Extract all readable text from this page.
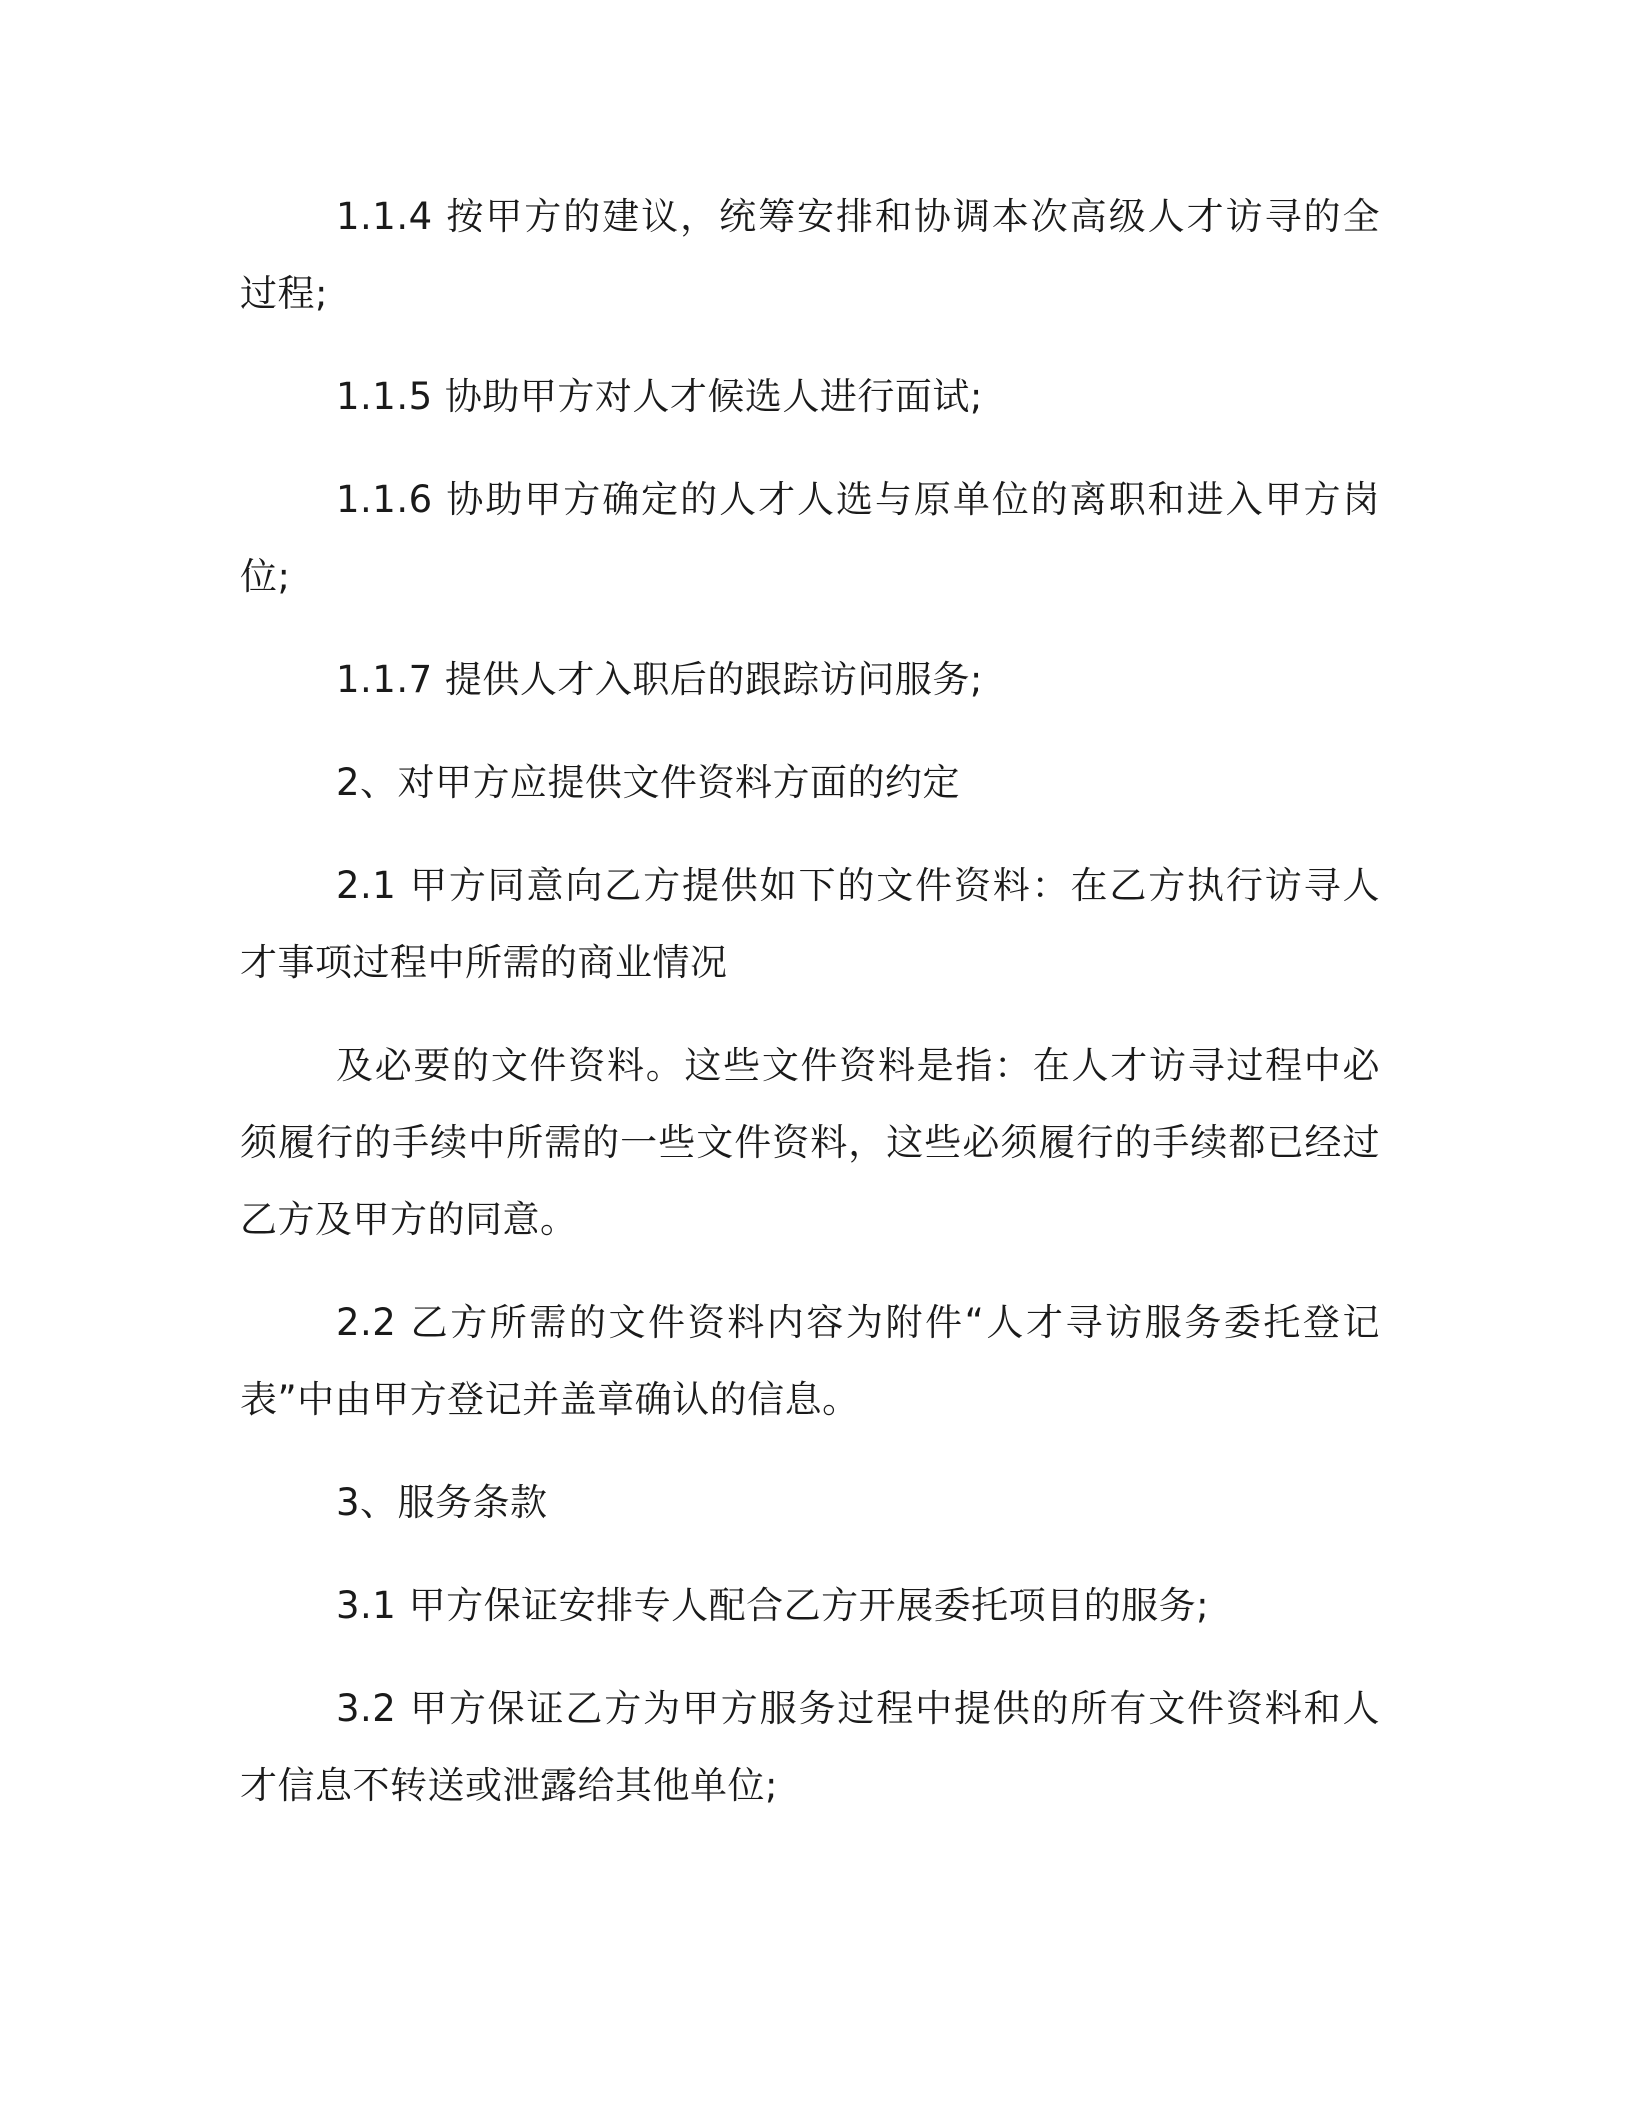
1.1.4 按甲方的建议，统筹安排和协调本次高级人才访寻的全过程;

1.1.5 协助甲方对人才候选人进行面试;

1.1.6 协助甲方确定的人才人选与原单位的离职和进入甲方岗位;

1.1.7 提供人才入职后的跟踪访问服务;

2、对甲方应提供文件资料方面的约定

2.1 甲方同意向乙方提供如下的文件资料：在乙方执行访寻人才事项过程中所需的商业情况

及必要的文件资料。这些文件资料是指：在人才访寻过程中必须履行的手续中所需的一些文件资料，这些必须履行的手续都已经过乙方及甲方的同意。

2.2 乙方所需的文件资料内容为附件“人才寻访服务委托登记表”中由甲方登记并盖章确认的信息。

3、服务条款

3.1 甲方保证安排专人配合乙方开展委托项目的服务;

3.2 甲方保证乙方为甲方服务过程中提供的所有文件资料和人才信息不转送或泄露给其他单位;
